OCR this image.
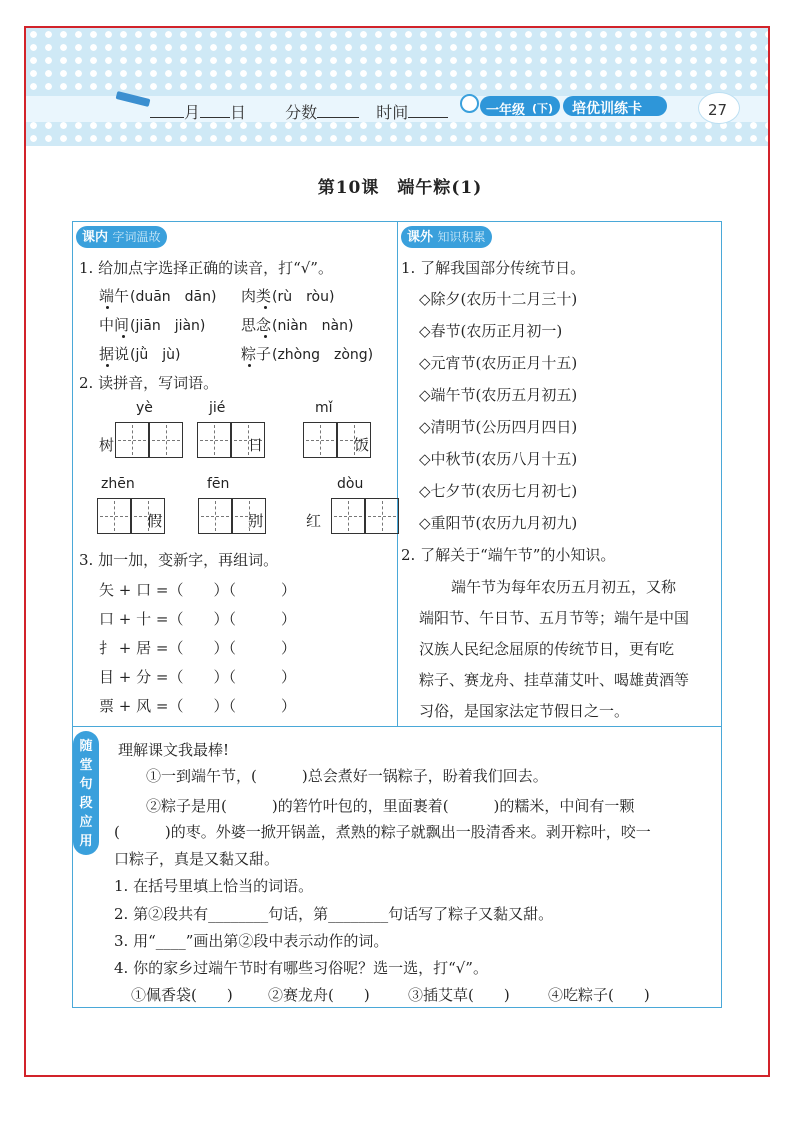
月 日 分数	时间	一年级 (下) 培优训练卡	27
第10课　端午粽(1)
课内 字词温故
1. 给加点字选择正确的读音，打“√”。
端午 (duān　dān) 肉类 (rù　ròu)
中间 (jiān　jiàn) 思念 (niàn　nàn)
据说 (jǜ　jù)	粽子 (zhòng　zòng)
2. 读拼音，写词语。
yè
树
jié
日
mǐ
饭
zhēn
假
fēn
别
dòu
红
3. 加一加，变新字，再组词。
矢 + 口 =（　　）（　　　）
口 + 十 =（　　）（　　　）
扌 + 居 =（　　）（　　　）
目 + 分 =（　　）（　　　）
票 + 风 =（　　）（　　　）
课外 知识积累
1. 了解我国部分传统节日。
◇除夕(农历十二月三十)
◇春节(农历正月初一)
◇元宵节(农历正月十五)
◇端午节(农历五月初五)
◇清明节(公历四月四日)
◇中秋节(农历八月十五)
◇七夕节(农历七月初七)
◇重阳节(农历九月初九)
2. 了解关于“端午节”的小知识。
端午节为每年农历五月初五，又称
端阳节、午日节、五月节等；端午是中国
汉族人民纪念屈原的传统节日，更有吃
粽子、赛龙舟、挂草蒲艾叶、喝雄黄酒等
习俗，是国家法定节假日之一。
随
堂
句
段
应
用
理解课文我最棒!
①一到端午节，(　　　)总会煮好一锅粽子，盼着我们回去。
②粽子是用(　　　)的箬竹叶包的，里面裹着(　　　)的糯米，中间有一颗
(　　　)的枣。外婆一掀开锅盖，煮熟的粽子就飘出一股清香来。剥开粽叶，咬一
口粽子，真是又黏又甜。
1. 在括号里填上恰当的词语。
2. 第②段共有________句话，第________句话写了粽子又黏又甜。
3. 用“____”画出第②段中表示动作的词。
4. 你的家乡过端午节时有哪些习俗呢？选一选，打“√”。
①佩香袋(　　) ②赛龙舟(　　)	③插艾草(　　)	④吃粽子(　　)
